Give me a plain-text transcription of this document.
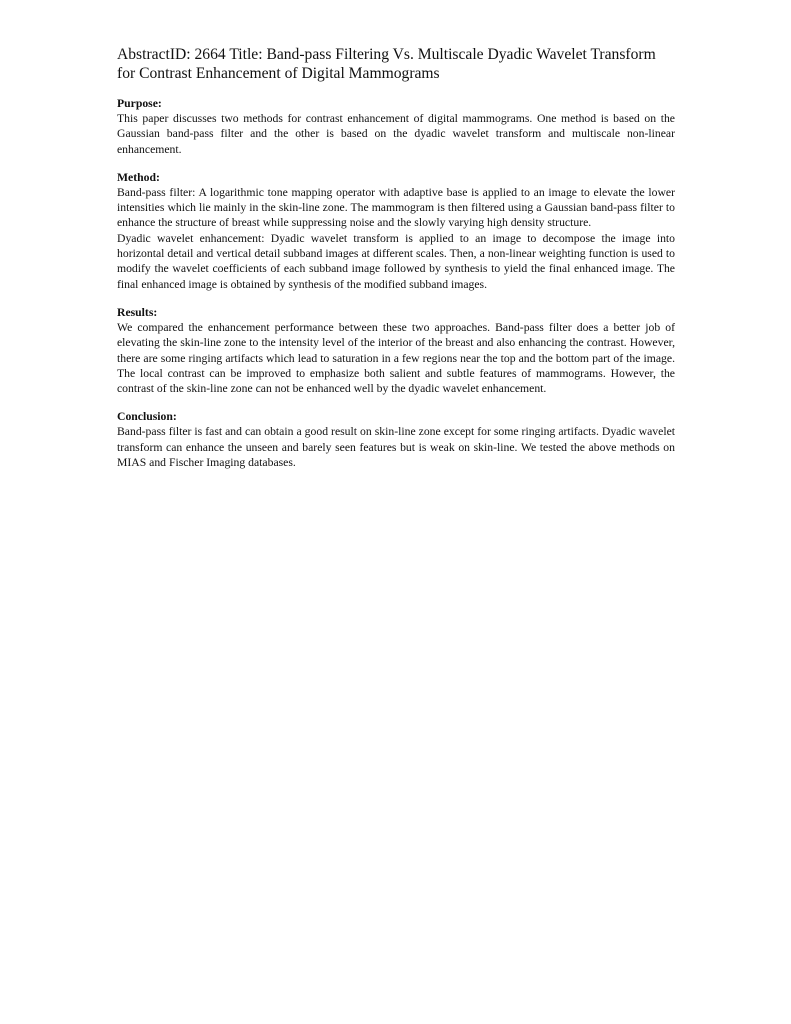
AbstractID: 2664 Title: Band-pass Filtering Vs. Multiscale Dyadic Wavelet Transform for Contrast Enhancement of Digital Mammograms

Purpose:

This paper discusses two methods for contrast enhancement of digital mammograms. One method is based on the Gaussian band-pass filter and the other is based on the dyadic wavelet transform and multiscale non-linear enhancement.

Method:

Band-pass filter: A logarithmic tone mapping operator with adaptive base is applied to an image to elevate the lower intensities which lie mainly in the skin-line zone. The mammogram is then filtered using a Gaussian band-pass filter to enhance the structure of breast while suppressing noise and the slowly varying high density structure.

Dyadic wavelet enhancement: Dyadic wavelet transform is applied to an image to decompose the image into horizontal detail and vertical detail subband images at different scales. Then, a non-linear weighting function is used to modify the wavelet coefficients of each subband image followed by synthesis to yield the final enhanced image. The final enhanced image is obtained by synthesis of the modified subband images.

Results:

We compared the enhancement performance between these two approaches. Band-pass filter does a better job of elevating the skin-line zone to the intensity level of the interior of the breast and also enhancing the contrast. However, there are some ringing artifacts which lead to saturation in a few regions near the top and the bottom part of the image. The local contrast can be improved to emphasize both salient and subtle features of mammograms. However, the contrast of the skin-line zone can not be enhanced well by the dyadic wavelet enhancement.

Conclusion:

Band-pass filter is fast and can obtain a good result on skin-line zone except for some ringing artifacts. Dyadic wavelet transform can enhance the unseen and barely seen features but is weak on skin-line. We tested the above methods on MIAS and Fischer Imaging databases.
